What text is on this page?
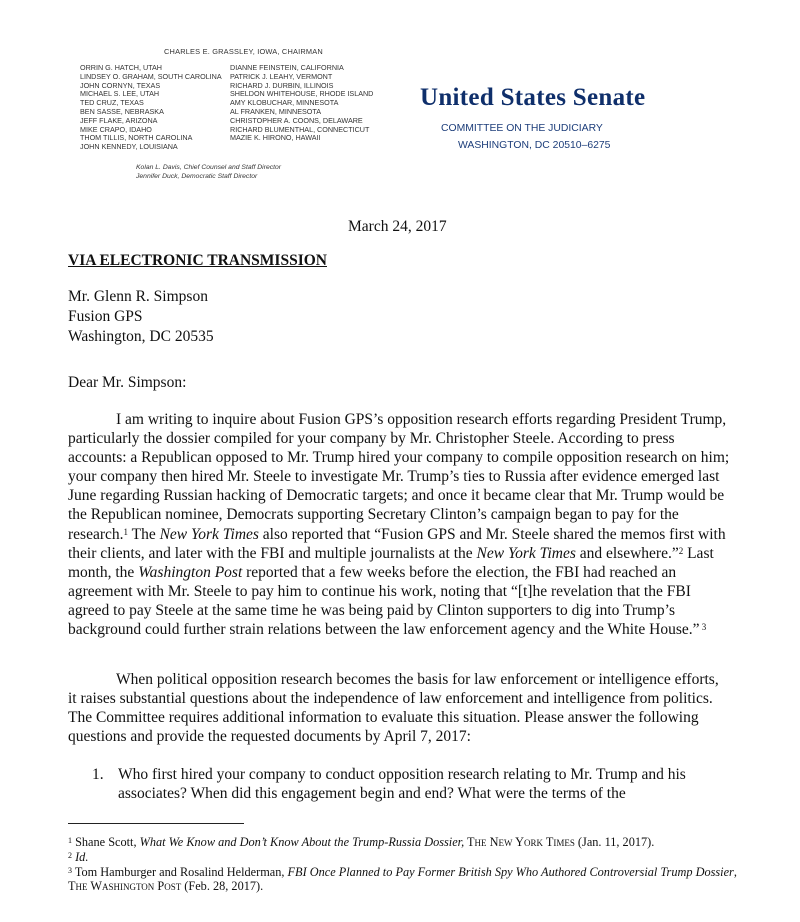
CHARLES E. GRASSLEY, IOWA, CHAIRMAN
ORRIN G. HATCH, UTAH
LINDSEY O. GRAHAM, SOUTH CAROLINA
JOHN CORNYN, TEXAS
MICHAEL S. LEE, UTAH
TED CRUZ, TEXAS
BEN SASSE, NEBRASKA
JEFF FLAKE, ARIZONA
MIKE CRAPO, IDAHO
THOM TILLIS, NORTH CAROLINA
JOHN KENNEDY, LOUISIANA
DIANNE FEINSTEIN, CALIFORNIA
PATRICK J. LEAHY, VERMONT
RICHARD J. DURBIN, ILLINOIS
SHELDON WHITEHOUSE, RHODE ISLAND
AMY KLOBUCHAR, MINNESOTA
AL FRANKEN, MINNESOTA
CHRISTOPHER A. COONS, DELAWARE
RICHARD BLUMENTHAL, CONNECTICUT
MAZIE K. HIRONO, HAWAII
Kolan L. Davis, Chief Counsel and Staff Director
Jennifer Duck, Democratic Staff Director
United States Senate
COMMITTEE ON THE JUDICIARY
WASHINGTON, DC 20510–6275
March 24, 2017
VIA ELECTRONIC TRANSMISSION
Mr. Glenn R. Simpson
Fusion GPS
Washington, DC 20535
Dear Mr. Simpson:

I am writing to inquire about Fusion GPS’s opposition research efforts regarding President Trump, particularly the dossier compiled for your company by Mr. Christopher Steele. According to press accounts: a Republican opposed to Mr. Trump hired your company to compile opposition research on him; your company then hired Mr. Steele to investigate Mr. Trump’s ties to Russia after evidence emerged last June regarding Russian hacking of Democratic targets; and once it became clear that Mr. Trump would be the Republican nominee, Democrats supporting Secretary Clinton’s campaign began to pay for the research.$^1$ The New York Times also reported that “Fusion GPS and Mr. Steele shared the memos first with their clients, and later with the FBI and multiple journalists at the New York Times and elsewhere.”$^2$ Last month, the Washington Post reported that a few weeks before the election, the FBI had reached an agreement with Mr. Steele to pay him to continue his work, noting that “[t]he revelation that the FBI agreed to pay Steele at the same time he was being paid by Clinton supporters to dig into Trump’s background could further strain relations between the law enforcement agency and the White House.” $^3$

When political opposition research becomes the basis for law enforcement or intelligence efforts, it raises substantial questions about the independence of law enforcement and intelligence from politics. The Committee requires additional information to evaluate this situation. Please answer the following questions and provide the requested documents by April 7, 2017:

1. Who first hired your company to conduct opposition research relating to Mr. Trump and his associates? When did this engagement begin and end? What were the terms of the
$^1$ Shane Scott, What We Know and Don’t Know About the Trump-Russia Dossier, The New York Times (Jan. 11, 2017).
$^2$ Id.
$^3$ Tom Hamburger and Rosalind Helderman, FBI Once Planned to Pay Former British Spy Who Authored Controversial Trump Dossier, The Washington Post (Feb. 28, 2017).
